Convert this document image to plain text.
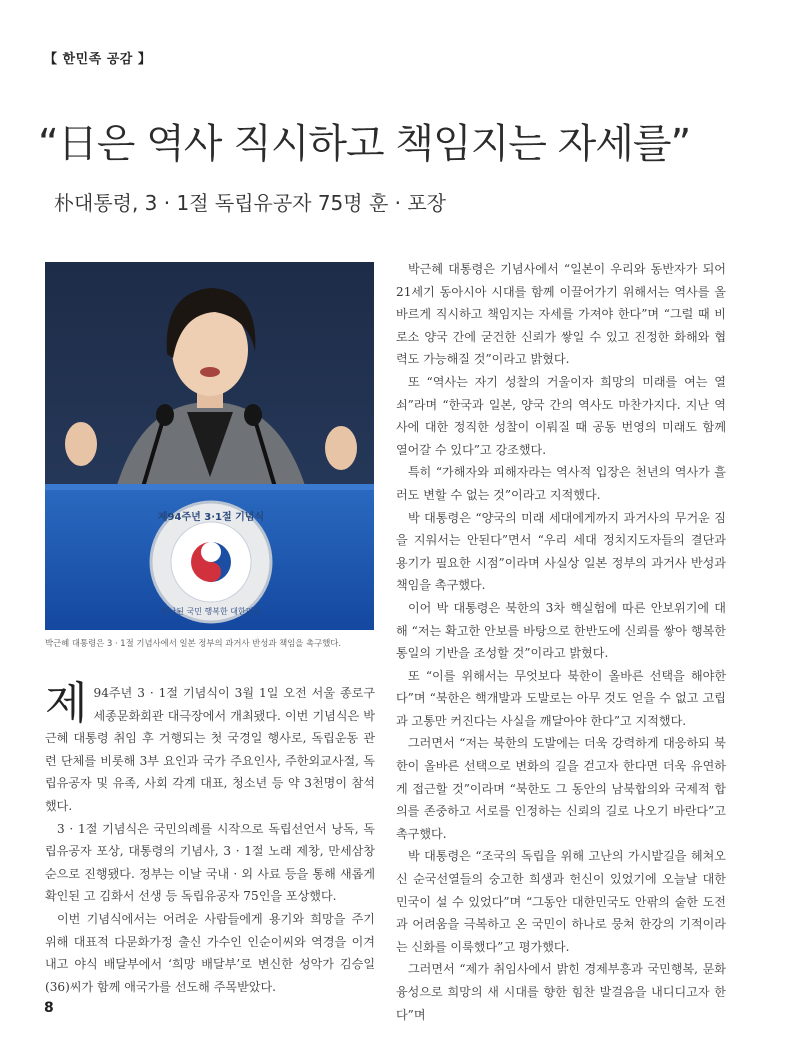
【 한민족 공감 】
“日은 역사 직시하고 책임지는 자세를”
朴대통령, 3 · 1절 독립유공자 75명 훈 · 포장
제94주년 3·1절 기념식
하나된 국민 행복한 대한민국
박근혜 대통령은 3 · 1절 기념사에서 일본 정부의 과거사 반성과 책임을 촉구했다.

제 94주년 3 · 1절 기념식이 3월 1일 오전 서울 종로구 세종문화회관 대극장에서 개최됐다. 이번 기념식은 박근혜 대통령 취임 후 거행되는 첫 국경일 행사로, 독립운동 관련 단체를 비롯해 3부 요인과 국가 주요인사, 주한외교사절, 독립유공자 및 유족, 사회 각계 대표, 청소년 등 약 3천명이 참석했다.

3 · 1절 기념식은 국민의례를 시작으로 독립선언서 낭독, 독립유공자 포상, 대통령의 기념사, 3 · 1절 노래 제창, 만세삼창 순으로 진행됐다. 정부는 이날 국내 · 외 사료 등을 통해 새롭게 확인된 고 김화서 선생 등 독립유공자 75인을 포상했다.

이번 기념식에서는 어려운 사람들에게 용기와 희망을 주기 위해 대표적 다문화가정 출신 가수인 인순이씨와 역경을 이겨내고 야식 배달부에서 ‘희망 배달부’로 변신한 성악가 김승일(36)씨가 함께 애국가를 선도해 주목받았다.

박근혜 대통령은 기념사에서 “일본이 우리와 동반자가 되어 21세기 동아시아 시대를 함께 이끌어가기 위해서는 역사를 올바르게 직시하고 책임지는 자세를 가져야 한다”며 “그럴 때 비로소 양국 간에 굳건한 신뢰가 쌓일 수 있고 진정한 화해와 협력도 가능해질 것”이라고 밝혔다.

또 “역사는 자기 성찰의 거울이자 희망의 미래를 여는 열쇠”라며 “한국과 일본, 양국 간의 역사도 마찬가지다. 지난 역사에 대한 정직한 성찰이 이뤄질 때 공동 번영의 미래도 함께 열어갈 수 있다”고 강조했다.

특히 “가해자와 피해자라는 역사적 입장은 천년의 역사가 흘러도 변할 수 없는 것”이라고 지적했다.

박 대통령은 “양국의 미래 세대에게까지 과거사의 무거운 짐을 지워서는 안된다”면서 “우리 세대 정치지도자들의 결단과 용기가 필요한 시점”이라며 사실상 일본 정부의 과거사 반성과 책임을 촉구했다.

이어 박 대통령은 북한의 3차 핵실험에 따른 안보위기에 대해 “저는 확고한 안보를 바탕으로 한반도에 신뢰를 쌓아 행복한 통일의 기반을 조성할 것”이라고 밝혔다.

또 “이를 위해서는 무엇보다 북한이 올바른 선택을 해야한다”며 “북한은 핵개발과 도발로는 아무 것도 얻을 수 없고 고립과 고통만 커진다는 사실을 깨달아야 한다”고 지적했다.

그러면서 “저는 북한의 도발에는 더욱 강력하게 대응하되 북한이 올바른 선택으로 변화의 길을 걷고자 한다면 더욱 유연하게 접근할 것”이라며 “북한도 그 동안의 남북합의와 국제적 합의를 존중하고 서로를 인정하는 신뢰의 길로 나오기 바란다”고 촉구했다.

박 대통령은 “조국의 독립을 위해 고난의 가시밭길을 헤쳐오신 순국선열들의 숭고한 희생과 헌신이 있었기에 오늘날 대한민국이 설 수 있었다”며 “그동안 대한민국도 안팎의 숱한 도전과 어려움을 극복하고 온 국민이 하나로 뭉쳐 한강의 기적이라는 신화를 이룩했다”고 평가했다.

그러면서 “제가 취임사에서 밝힌 경제부흥과 국민행복, 문화융성으로 희망의 새 시대를 향한 힘찬 발걸음을 내디디고자 한다”며

8
